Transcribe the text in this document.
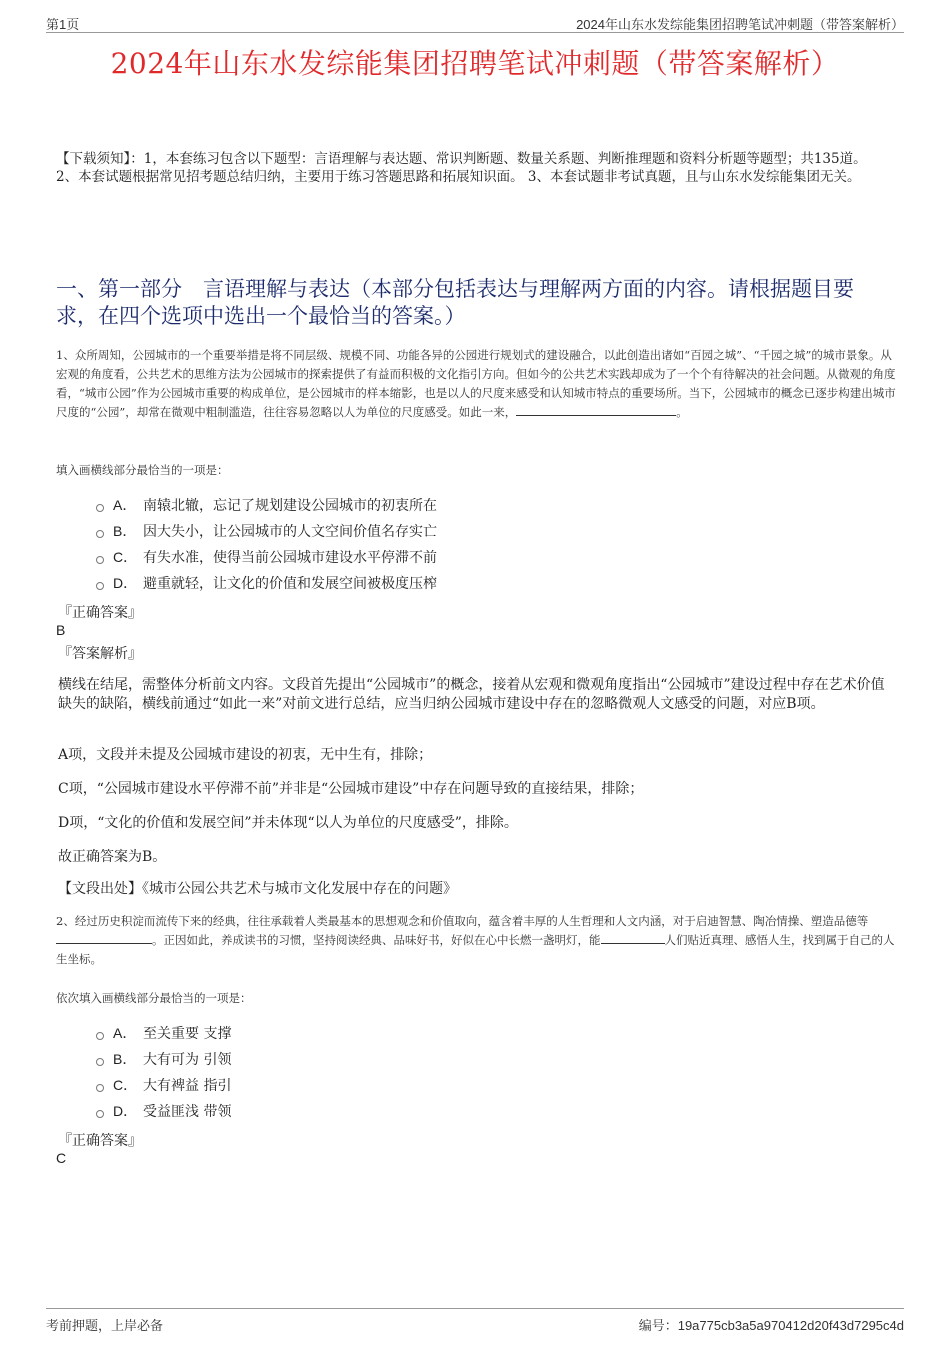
第1页	2024年山东水发综能集团招聘笔试冲刺题（带答案解析）
2024年山东水发综能集团招聘笔试冲刺题（带答案解析）
【下载须知】：1，本套练习包含以下题型：言语理解与表达题、常识判断题、数量关系题、判断推理题和资料分析题等题型；共135道。 2、本套试题根据常见招考题总结归纳，主要用于练习答题思路和拓展知识面。 3、本套试题非考试真题，且与山东水发综能集团无关。
一、第一部分　言语理解与表达（本部分包括表达与理解两方面的内容。请根据题目要求，在四个选项中选出一个最恰当的答案。）
1、众所周知，公园城市的一个重要举措是将不同层级、规模不同、功能各异的公园进行规划式的建设融合，以此创造出诸如“百园之城”、“千园之城”的城市景象。从宏观的角度看，公共艺术的思维方法为公园城市的探索提供了有益而积极的文化指引方向。但如今的公共艺术实践却成为了一个个有待解决的社会问题。从微观的角度看，“城市公园”作为公园城市重要的构成单位，是公园城市的样本缩影，也是以人的尺度来感受和认知城市特点的重要场所。当下，公园城市的概念已逐步构建出城市尺度的“公园”，却常在微观中粗制滥造，往往容易忽略以人为单位的尺度感受。如此一来，	。
填入画横线部分最恰当的一项是：
A． 南辕北辙，忘记了规划建设公园城市的初衷所在
B． 因大失小，让公园城市的人文空间价值名存实亡
C． 有失水准，使得当前公园城市建设水平停滞不前
D． 避重就轻，让文化的价值和发展空间被极度压榨
『正确答案』
B
『答案解析』
横线在结尾，需整体分析前文内容。文段首先提出“公园城市”的概念，接着从宏观和微观角度指出“公园城市”建设过程中存在艺术价值缺失的缺陷，横线前通过“如此一来”对前文进行总结，应当归纳公园城市建设中存在的忽略微观人文感受的问题，对应B项。
A项，文段并未提及公园城市建设的初衷，无中生有，排除；
C项，“公园城市建设水平停滞不前”并非是“公园城市建设”中存在问题导致的直接结果，排除；
D项，“文化的价值和发展空间”并未体现“以人为单位的尺度感受”，排除。
故正确答案为B。
【文段出处】《城市公园公共艺术与城市文化发展中存在的问题》
2、经过历史积淀而流传下来的经典，往往承载着人类最基本的思想观念和价值取向，蕴含着丰厚的人生哲理和人文内涵，对于启迪智慧、陶冶情操、塑造品德等。正因如此，养成读书的习惯，坚持阅读经典、品味好书，好似在心中长燃一盏明灯，能	人们贴近真理、感悟人生，找到属于自己的人生坐标。
依次填入画横线部分最恰当的一项是：
A． 至关重要 支撑
B． 大有可为 引领
C． 大有裨益 指引
D． 受益匪浅 带领
『正确答案』
C
考前押题，上岸必备	编号：19a775cb3a5a970412d20f43d7295c4d
